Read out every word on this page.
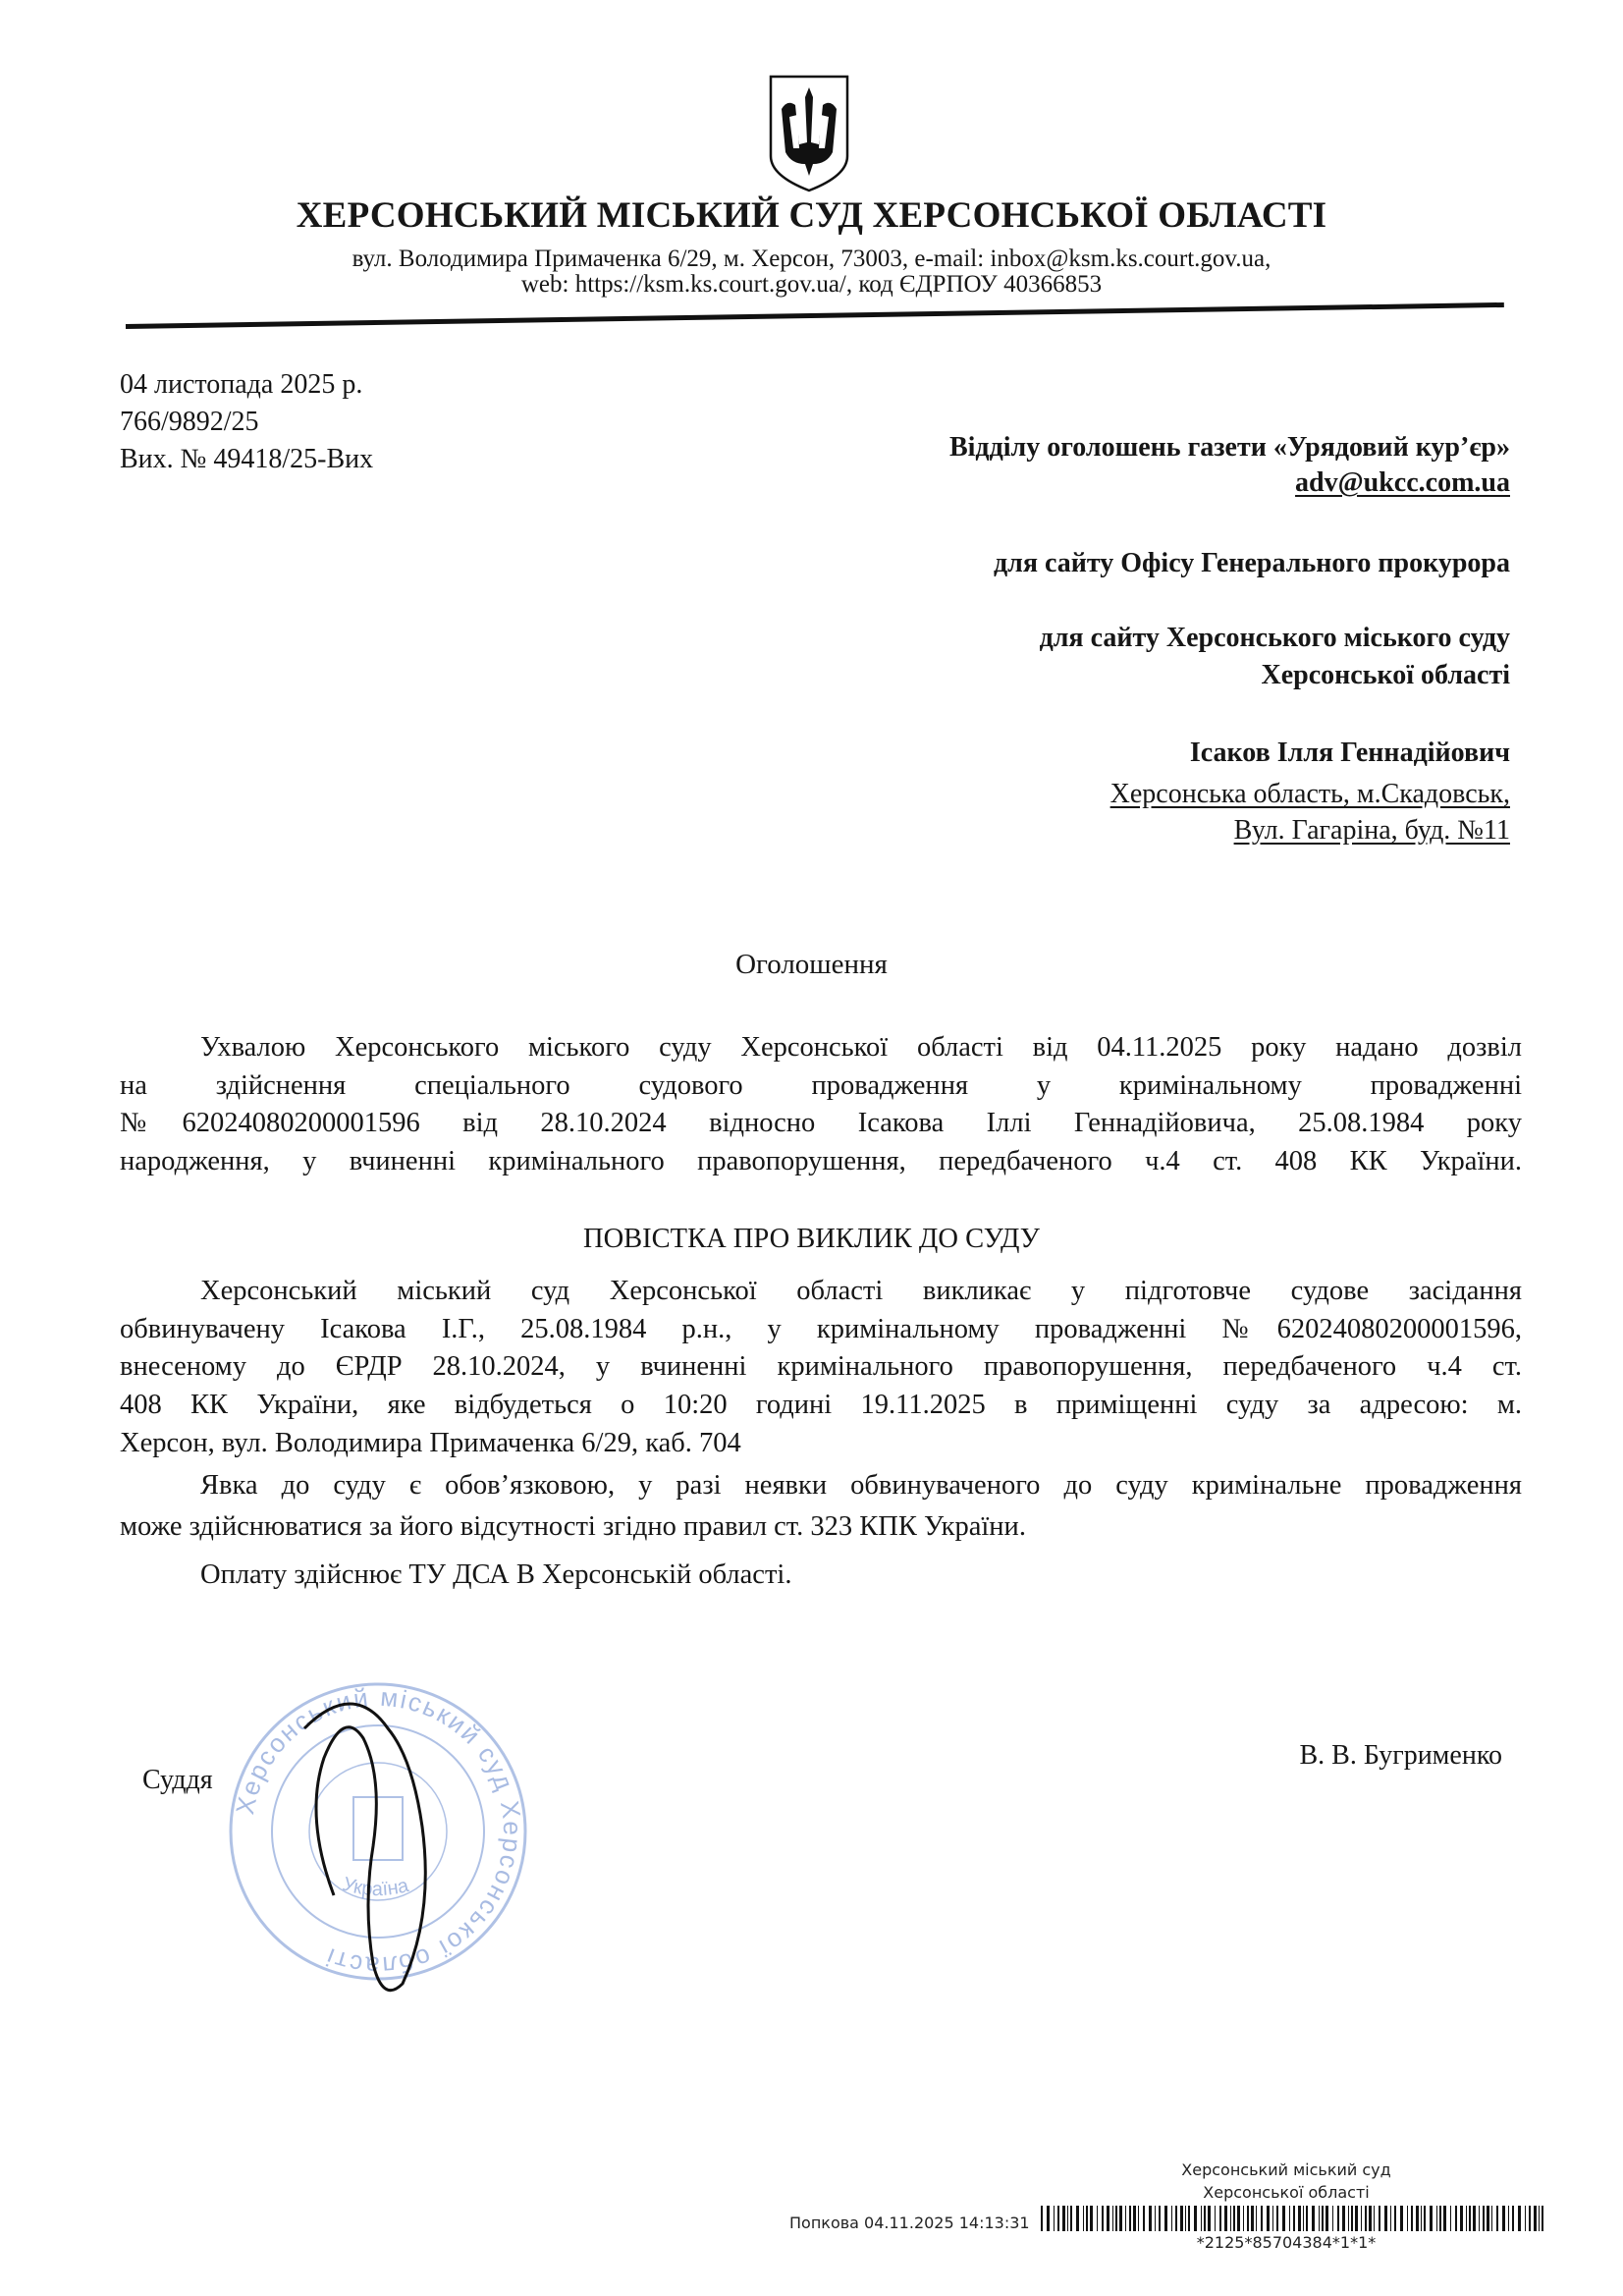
ХЕРСОНСЬКИЙ МІСЬКИЙ СУД ХЕРСОНСЬКОЇ ОБЛАСТІ
вул. Володимира Примаченка 6/29, м. Херсон, 73003, e-mail: inbox@ksm.ks.court.gov.ua,
web: https://ksm.ks.court.gov.ua/, код ЄДРПОУ 40366853
04 листопада 2025 р.
766/9892/25
Вих. № 49418/25-Вих	Відділу оголошень газети «Урядовий кур’єр»
adv@ukcc.com.ua
для сайту Офісу Генерального прокурора
для сайту Херсонського міського суду
Херсонської області
Ісаков Ілля Геннадійович
Херсонська область, м.Скадовськ,
Вул. Гагаріна, буд. №11
Оголошення
Ухвалою Херсонського міського суду Херсонської області від 04.11.2025 року надано дозвіл
на здійснення спеціального судового провадження у кримінальному провадженні
№62024080200001596 від 28.10.2024 відносно Ісакова Іллі Геннадійовича, 25.08.1984 року
народження, у вчиненні кримінального правопорушення, передбаченого ч.4 ст. 408 КК України.
ПОВІСТКА ПРО ВИКЛИК ДО СУДУ
Херсонський міський суд Херсонської області викликає у підготовче судове засідання
обвинувачену Ісакова І.Г., 25.08.1984 р.н., у кримінальному провадженні №62024080200001596,
внесеному до ЄРДР 28.10.2024, у вчиненні кримінального правопорушення, передбаченого ч.4 ст.
408 КК України, яке відбудеться о 10:20 годині 19.11.2025 в приміщенні суду за адресою: м.
Херсон, вул. Володимира Примаченка 6/29, каб. 704
Явка до суду є обов’язковою, у разі неявки обвинуваченого до суду кримінальне провадження
може здійснюватися за його відсутності згідно правил ст. 323 КПК України.
Оплату здійснює ТУ ДСА В Херсонській області.
Херсонський міський суд Херсонської області
Україна
Суддя
В. В. Бугрименко
Херсонський міський суд
Херсонської області
Попкова 04.11.2025 14:13:31
*2125*85704384*1*1*
